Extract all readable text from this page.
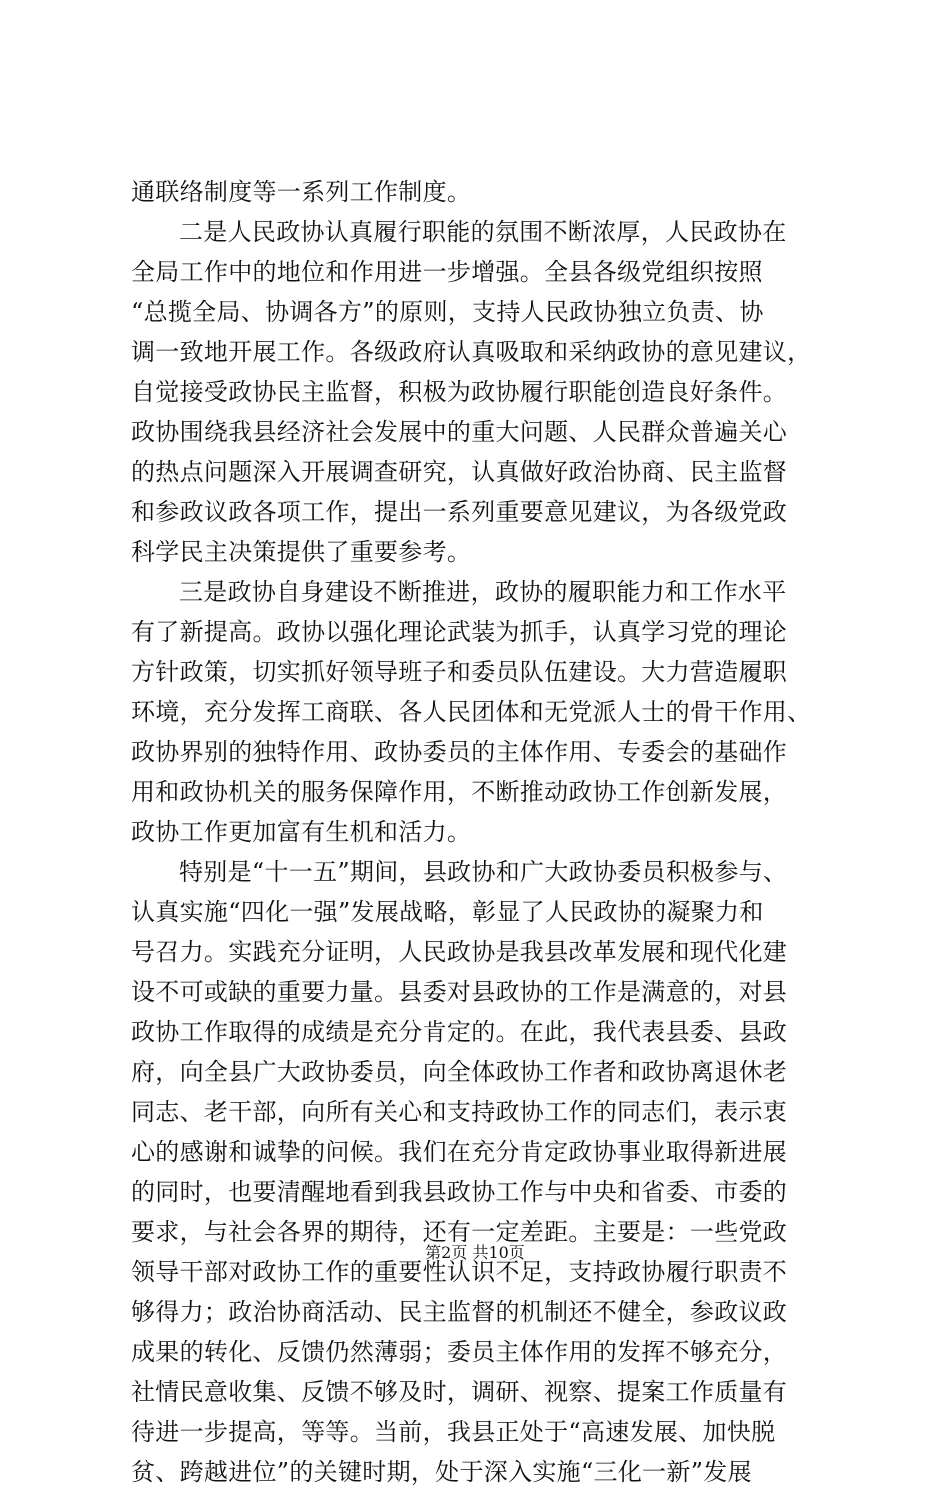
通联络制度等一系列工作制度。
二是人民政协认真履行职能的氛围不断浓厚，人民政协在
全局工作中的地位和作用进一步增强。全县各级党组织按照
“总揽全局、协调各方”的原则，支持人民政协独立负责、协
调一致地开展工作。各级政府认真吸取和采纳政协的意见建议，
自觉接受政协民主监督，积极为政协履行职能创造良好条件。
政协围绕我县经济社会发展中的重大问题、人民群众普遍关心
的热点问题深入开展调查研究，认真做好政治协商、民主监督
和参政议政各项工作，提出一系列重要意见建议，为各级党政
科学民主决策提供了重要参考。
三是政协自身建设不断推进，政协的履职能力和工作水平
有了新提高。政协以强化理论武装为抓手，认真学习党的理论
方针政策，切实抓好领导班子和委员队伍建设。大力营造履职
环境，充分发挥工商联、各人民团体和无党派人士的骨干作用、
政协界别的独特作用、政协委员的主体作用、专委会的基础作
用和政协机关的服务保障作用，不断推动政协工作创新发展，
政协工作更加富有生机和活力。
特别是“十一五”期间，县政协和广大政协委员积极参与、
认真实施“四化一强”发展战略，彰显了人民政协的凝聚力和
号召力。实践充分证明，人民政协是我县改革发展和现代化建
设不可或缺的重要力量。县委对县政协的工作是满意的，对县
政协工作取得的成绩是充分肯定的。在此，我代表县委、县政
府，向全县广大政协委员，向全体政协工作者和政协离退休老
同志、老干部，向所有关心和支持政协工作的同志们，表示衷
心的感谢和诚挚的问候。我们在充分肯定政协事业取得新进展
的同时，也要清醒地看到我县政协工作与中央和省委、市委的
要求，与社会各界的期待，还有一定差距。主要是：一些党政
领导干部对政协工作的重要性认识不足，支持政协履行职责不
够得力；政治协商活动、民主监督的机制还不健全，参政议政
成果的转化、反馈仍然薄弱；委员主体作用的发挥不够充分，
社情民意收集、反馈不够及时，调研、视察、提案工作质量有
待进一步提高，等等。当前，我县正处于“高速发展、加快脱
贫、跨越进位”的关键时期，处于深入实施“三化一新”发展
第2页 共10页
